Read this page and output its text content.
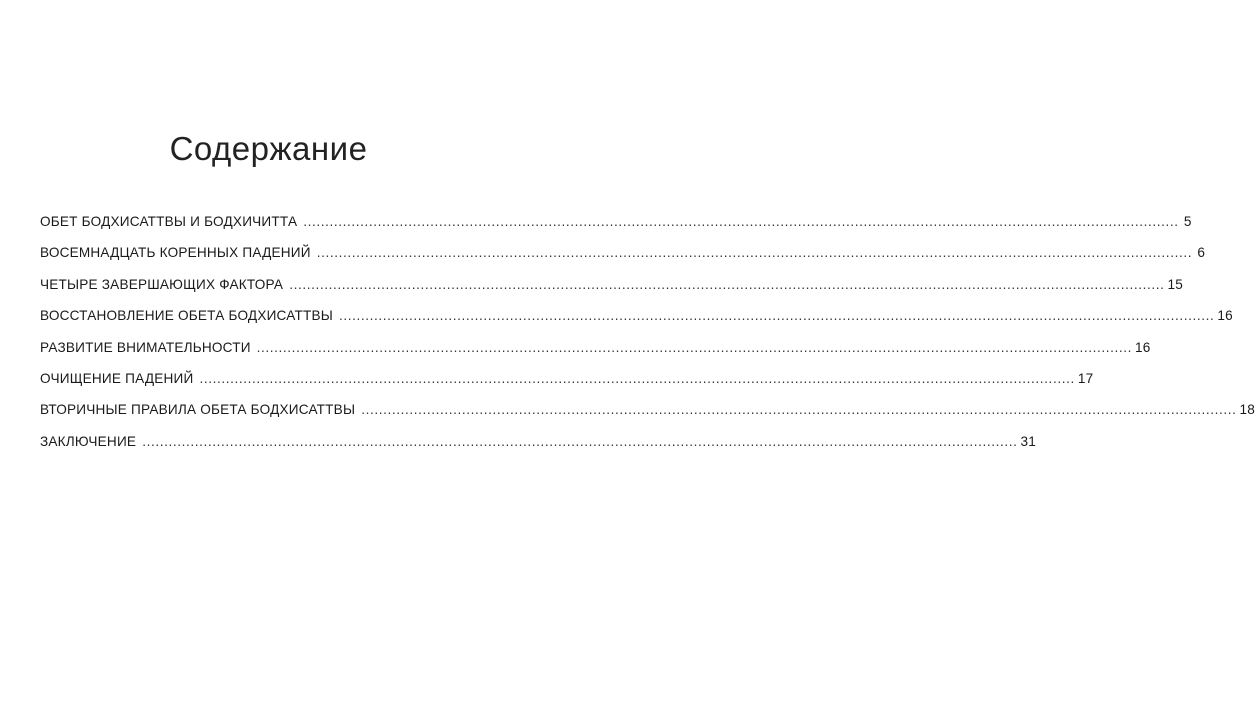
Содержание
ОБЕТ БОДХИСАТТВЫ И БОДХИЧИТТА ........................................................................................................................................................................................................ 5
ВОСЕМНАДЦАТЬ КОРЕННЫХ ПАДЕНИЙ ........................................................................................................................................................................................................ 6
ЧЕТЫРЕ ЗАВЕРШАЮЩИХ ФАКТОРА ........................................................................................................................................................................................................ 15
ВОССТАНОВЛЕНИЕ ОБЕТА БОДХИСАТТВЫ ........................................................................................................................................................................................................ 16
РАЗВИТИЕ ВНИМАТЕЛЬНОСТИ ........................................................................................................................................................................................................ 16
ОЧИЩЕНИЕ ПАДЕНИЙ ........................................................................................................................................................................................................ 17
ВТОРИЧНЫЕ ПРАВИЛА ОБЕТА БОДХИСАТТВЫ ........................................................................................................................................................................................................ 18
ЗАКЛЮЧЕНИЕ ........................................................................................................................................................................................................ 31
